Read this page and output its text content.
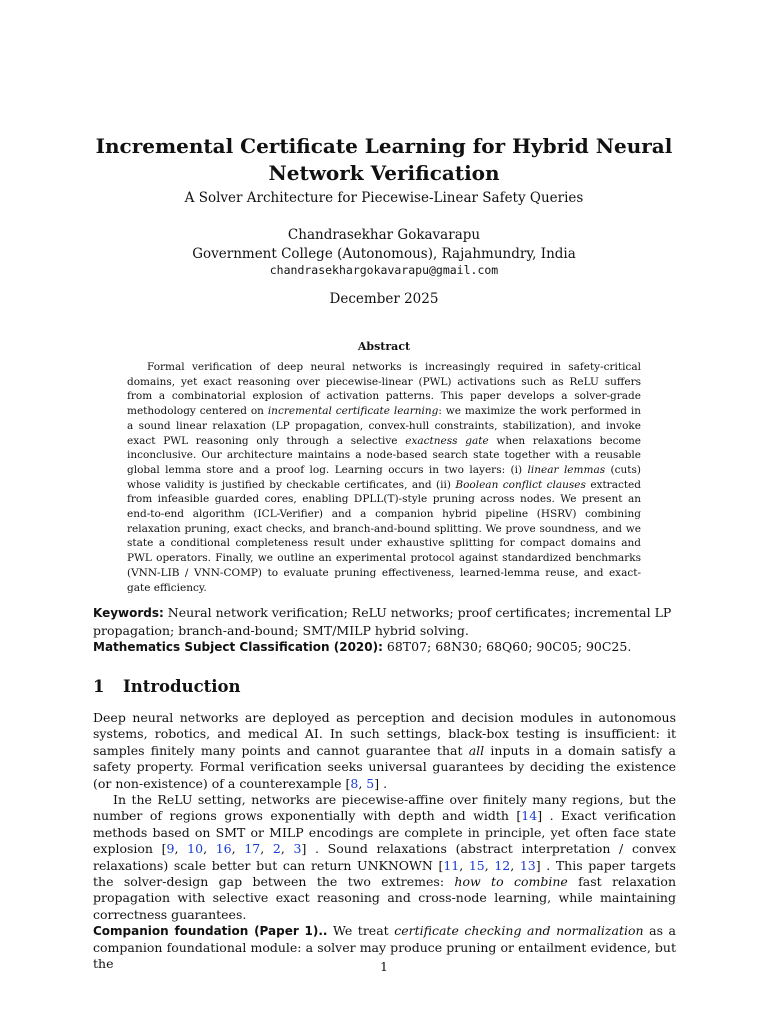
Incremental Certificate Learning for Hybrid Neural Network Verification
A Solver Architecture for Piecewise-Linear Safety Queries
Chandrasekhar Gokavarapu
Government College (Autonomous), Rajahmundry, India
chandrasekhargokavarapu@gmail.com
December 2025
Abstract
Formal verification of deep neural networks is increasingly required in safety-critical domains, yet exact reasoning over piecewise-linear (PWL) activations such as ReLU suffers from a combinatorial explosion of activation patterns. This paper develops a solver-grade methodology centered on incremental certificate learning: we maximize the work performed in a sound linear relaxation (LP propagation, convex-hull constraints, stabilization), and invoke exact PWL reasoning only through a selective exactness gate when relaxations become inconclusive. Our architecture maintains a node-based search state together with a reusable global lemma store and a proof log. Learning occurs in two layers: (i) linear lemmas (cuts) whose validity is justified by checkable certificates, and (ii) Boolean conflict clauses extracted from infeasible guarded cores, enabling DPLL(T)-style pruning across nodes. We present an end-to-end algorithm (ICL-Verifier) and a companion hybrid pipeline (HSRV) combining relaxation pruning, exact checks, and branch-and-bound splitting. We prove soundness, and we state a conditional completeness result under exhaustive splitting for compact domains and PWL operators. Finally, we outline an experimental protocol against standardized benchmarks (VNN-LIB / VNN-COMP) to evaluate pruning effectiveness, learned-lemma reuse, and exact-gate efficiency.
Keywords: Neural network verification; ReLU networks; proof certificates; incremental LP propagation; branch-and-bound; SMT/MILP hybrid solving.
Mathematics Subject Classification (2020): 68T07; 68N30; 68Q60; 90C05; 90C25.
1 Introduction

Deep neural networks are deployed as perception and decision modules in autonomous systems, robotics, and medical AI. In such settings, black-box testing is insufficient: it samples finitely many points and cannot guarantee that all inputs in a domain satisfy a safety property. Formal verification seeks universal guarantees by deciding the existence (or non-existence) of a counterexample [8, 5] .

In the ReLU setting, networks are piecewise-affine over finitely many regions, but the number of regions grows exponentially with depth and width [14] . Exact verification methods based on SMT or MILP encodings are complete in principle, yet often face state explosion [9, 10, 16, 17, 2, 3] . Sound relaxations (abstract interpretation / convex relaxations) scale better but can return UNKNOWN [11, 15, 12, 13] . This paper targets the solver-design gap between the two extremes: how to combine fast relaxation propagation with selective exact reasoning and cross-node learning, while maintaining correctness guarantees.

Companion foundation (Paper 1).. We treat certificate checking and normalization as a companion foundational module: a solver may produce pruning or entailment evidence, but the	1
